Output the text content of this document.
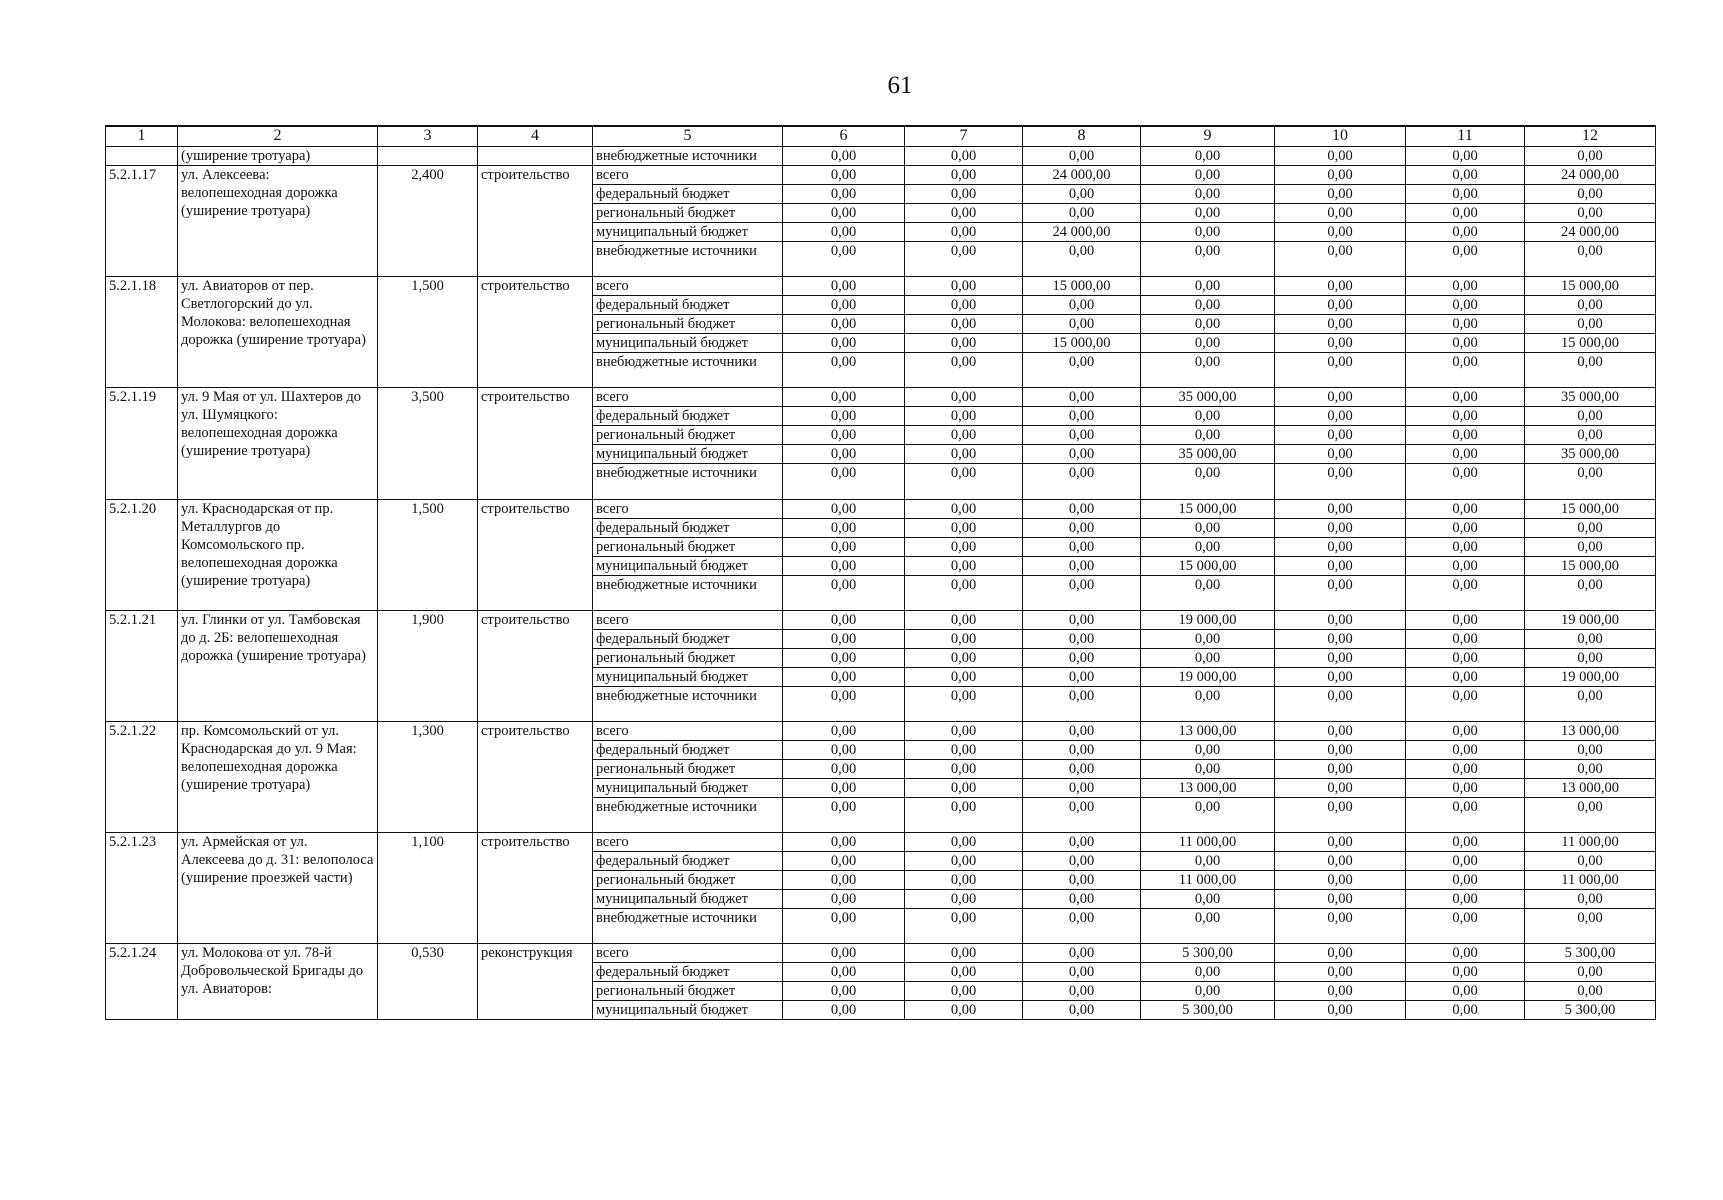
61
1	2	3	4	5	6	7	8	9	10	11	12
	(уширение тротуара)			внебюджетные источники	0,00	0,00	0,00	0,00	0,00	0,00	0,00
5.2.1.17	ул. Алексеева: велопешеходная дорожка (уширение тротуара)	2,400	строительство	всего	0,00	0,00	24 000,00	0,00	0,00	0,00	24 000,00
				федеральный бюджет	0,00	0,00	0,00	0,00	0,00	0,00	0,00
				региональный бюджет	0,00	0,00	0,00	0,00	0,00	0,00	0,00
				муниципальный бюджет	0,00	0,00	24 000,00	0,00	0,00	0,00	24 000,00
				внебюджетные источники	0,00	0,00	0,00	0,00	0,00	0,00	0,00
5.2.1.18	ул. Авиаторов от пер. Светлогорский до ул. Молокова: велопешеходная дорожка (уширение тротуара)	1,500	строительство	всего	0,00	0,00	15 000,00	0,00	0,00	0,00	15 000,00
				федеральный бюджет	0,00	0,00	0,00	0,00	0,00	0,00	0,00
				региональный бюджет	0,00	0,00	0,00	0,00	0,00	0,00	0,00
				муниципальный бюджет	0,00	0,00	15 000,00	0,00	0,00	0,00	15 000,00
				внебюджетные источники	0,00	0,00	0,00	0,00	0,00	0,00	0,00
5.2.1.19	ул. 9 Мая от ул. Шахтеров до ул. Шумяцкого: велопешеходная дорожка (уширение тротуара)	3,500	строительство	всего	0,00	0,00	0,00	35 000,00	0,00	0,00	35 000,00
				федеральный бюджет	0,00	0,00	0,00	0,00	0,00	0,00	0,00
				региональный бюджет	0,00	0,00	0,00	0,00	0,00	0,00	0,00
				муниципальный бюджет	0,00	0,00	0,00	35 000,00	0,00	0,00	35 000,00
				внебюджетные источники	0,00	0,00	0,00	0,00	0,00	0,00	0,00
5.2.1.20	ул. Краснодарская от пр. Металлургов до Комсомольского пр. велопешеходная дорожка (уширение тротуара)	1,500	строительство	всего	0,00	0,00	0,00	15 000,00	0,00	0,00	15 000,00
				федеральный бюджет	0,00	0,00	0,00	0,00	0,00	0,00	0,00
				региональный бюджет	0,00	0,00	0,00	0,00	0,00	0,00	0,00
				муниципальный бюджет	0,00	0,00	0,00	15 000,00	0,00	0,00	15 000,00
				внебюджетные источники	0,00	0,00	0,00	0,00	0,00	0,00	0,00
5.2.1.21	ул. Глинки от ул. Тамбовская до д. 2Б: велопешеходная дорожка (уширение тротуара)	1,900	строительство	всего	0,00	0,00	0,00	19 000,00	0,00	0,00	19 000,00
				федеральный бюджет	0,00	0,00	0,00	0,00	0,00	0,00	0,00
				региональный бюджет	0,00	0,00	0,00	0,00	0,00	0,00	0,00
				муниципальный бюджет	0,00	0,00	0,00	19 000,00	0,00	0,00	19 000,00
				внебюджетные источники	0,00	0,00	0,00	0,00	0,00	0,00	0,00
5.2.1.22	пр. Комсомольский от ул. Краснодарская до ул. 9 Мая: велопешеходная дорожка (уширение тротуара)	1,300	строительство	всего	0,00	0,00	0,00	13 000,00	0,00	0,00	13 000,00
				федеральный бюджет	0,00	0,00	0,00	0,00	0,00	0,00	0,00
				региональный бюджет	0,00	0,00	0,00	0,00	0,00	0,00	0,00
				муниципальный бюджет	0,00	0,00	0,00	13 000,00	0,00	0,00	13 000,00
				внебюджетные источники	0,00	0,00	0,00	0,00	0,00	0,00	0,00
5.2.1.23	ул. Армейская от ул. Алексеева до д. 31: велополоса (уширение проезжей части)	1,100	строительство	всего	0,00	0,00	0,00	11 000,00	0,00	0,00	11 000,00
				федеральный бюджет	0,00	0,00	0,00	0,00	0,00	0,00	0,00
				региональный бюджет	0,00	0,00	0,00	11 000,00	0,00	0,00	11 000,00
				муниципальный бюджет	0,00	0,00	0,00	0,00	0,00	0,00	0,00
				внебюджетные источники	0,00	0,00	0,00	0,00	0,00	0,00	0,00
5.2.1.24	ул. Молокова от ул. 78-й Добровольческой Бригады до ул. Авиаторов:	0,530	реконструкция	всего	0,00	0,00	0,00	5 300,00	0,00	0,00	5 300,00
				федеральный бюджет	0,00	0,00	0,00	0,00	0,00	0,00	0,00
				региональный бюджет	0,00	0,00	0,00	0,00	0,00	0,00	0,00
				муниципальный бюджет	0,00	0,00	0,00	5 300,00	0,00	0,00	5 300,00
